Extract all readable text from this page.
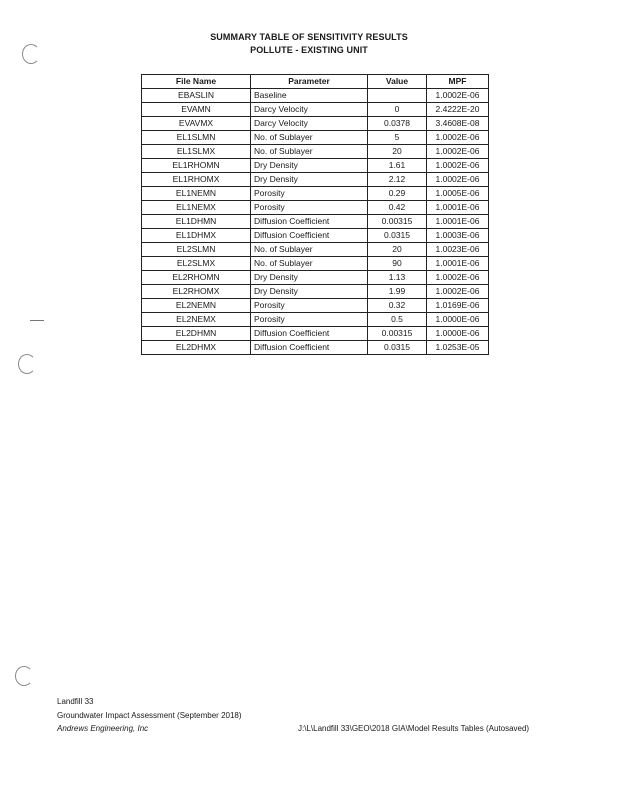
SUMMARY TABLE OF SENSITIVITY RESULTS
POLLUTE - EXISTING UNIT
File Name	Parameter	Value	MPF
EBASLIN	Baseline		1.0002E-06
EVAMN	Darcy Velocity	0	2.4222E-20
EVAVMX	Darcy Velocity	0.0378	3.4608E-08
EL1SLMN	No. of Sublayer	5	1.0002E-06
EL1SLMX	No. of Sublayer	20	1.0002E-06
EL1RHOMN	Dry Density	1.61	1.0002E-06
EL1RHOMX	Dry Density	2.12	1.0002E-06
EL1NEMN	Porosity	0.29	1.0005E-06
EL1NEMX	Porosity	0.42	1.0001E-06
EL1DHMN	Diffusion Coefficient	0.00315	1.0001E-06
EL1DHMX	Diffusion Coefficient	0.0315	1.0003E-06
EL2SLMN	No. of Sublayer	20	1.0023E-06
EL2SLMX	No. of Sublayer	90	1.0001E-06
EL2RHOMN	Dry Density	1.13	1.0002E-06
EL2RHOMX	Dry Density	1.99	1.0002E-06
EL2NEMN	Porosity	0.32	1.0169E-06
EL2NEMX	Porosity	0.5	1.0000E-06
EL2DHMN	Diffusion Coefficient	0.00315	1.0000E-06
EL2DHMX	Diffusion Coefficient	0.0315	1.0253E-05
Landfill 33
Groundwater Impact Assessment (September 2018)
Andrews Engineering, Inc	J:\L\Landfill 33\GEO\2018 GIA\Model Results Tables (Autosaved)
